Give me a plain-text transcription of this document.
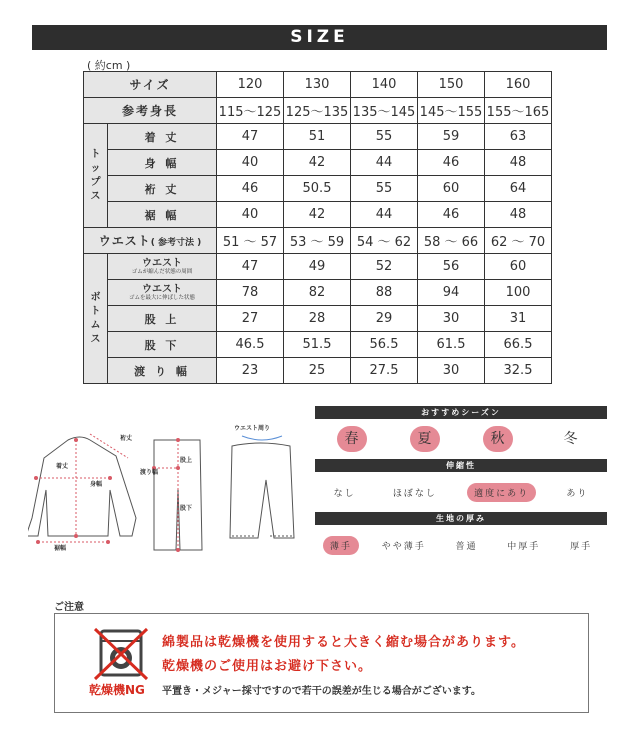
SIZE
( 約cm )
サイズ		120	130	140	150	160
参考身長		115～125	125～135	135～145	145～155	155～165
ト
ッ
プ
ス	着 丈	47	51	55	59	63
	身 幅	40	42	44	46	48
	裄 丈	46	50.5	55	60	64
	裾 幅	40	42	44	46	48
ウエスト( 参考寸法 )		51 ～ 57	53 ～ 59	54 ～ 62	58 ～ 66	62 ～ 70
ボ
ト
ム
ス	ウエスト
ゴムが縮んだ状態の周囲	47	49	52	56	60
	ウエスト
ゴムを最大に伸ばした状態	78	82	88	94	100
	股 上	27	28	29	30	31
	股 下	46.5	51.5	56.5	61.5	66.5
	渡 り 幅	23	25	27.5	30	32.5
裄丈
着丈
身幅
裾幅
渡り幅
股上
股下
ウエスト周り
おすすめシーズン
春	夏	秋	冬
伸縮性
なし	ほぼなし	適度にあり	あり
生地の厚み
薄手	やや薄手	普通	中厚手	厚手
ご注意
乾燥機NG
綿製品は乾燥機を使用すると大きく縮む場合があります。
乾燥機のご使用はお避け下さい。
平置き・メジャー採寸ですので若干の誤差が生じる場合がございます。
